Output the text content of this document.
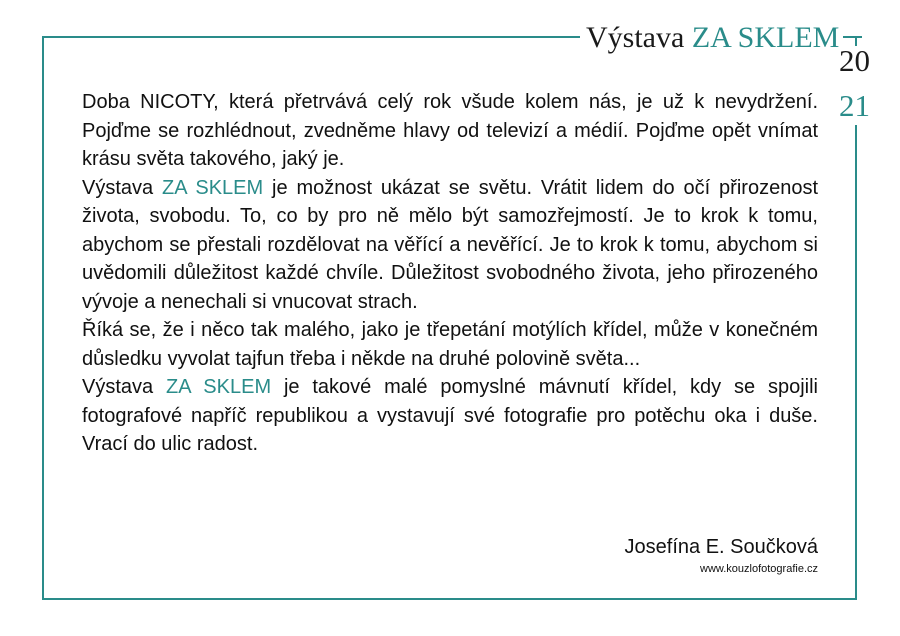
Výstava ZA SKLEM
20
21

Doba NICOTY, která přetrvává celý rok všude kolem nás, je už k nevydržení. Pojďme se rozhlédnout, zvedněme hlavy od televizí a médií. Pojďme opět vnímat krásu světa takového, jaký je.

Výstava ZA SKLEM je možnost ukázat se světu. Vrátit lidem do očí přirozenost života, svobodu. To, co by pro ně mělo být samozřejmostí. Je to krok k tomu, abychom se přestali rozdělovat na věřící a nevěřící. Je to krok k tomu, abychom si uvědomili důležitost každé chvíle. Důležitost svobodného života, jeho přirozeného vývoje a nenechali si vnucovat strach.

Říká se, že i něco tak malého, jako je třepetání motýlích křídel, může v konečném důsledku vyvolat tajfun třeba i někde na druhé polovině světa...

Výstava ZA SKLEM je takové malé pomyslné mávnutí křídel, kdy se spojili fotografové napříč republikou a vystavují své fotografie pro potěchu oka i duše. Vrací do ulic radost.

Josefína E. Součková
www.kouzlofotografie.cz
